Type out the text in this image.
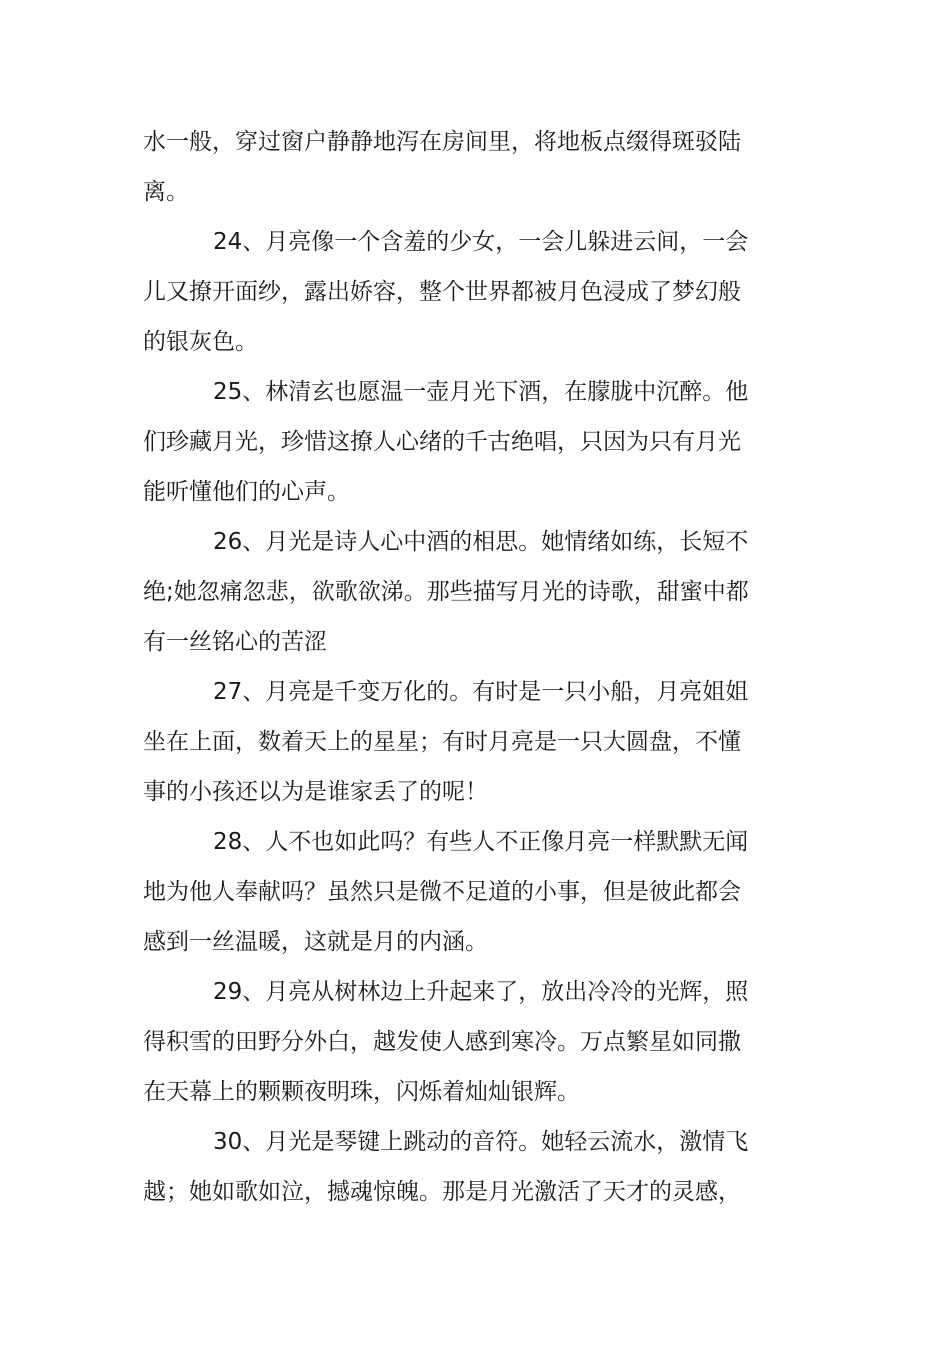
水一般，穿过窗户静静地泻在房间里，将地板点缀得斑驳陆
离。
24、月亮像一个含羞的少女，一会儿躲进云间，一会
儿又撩开面纱，露出娇容，整个世界都被月色浸成了梦幻般
的银灰色。
25、林清玄也愿温一壶月光下酒，在朦胧中沉醉。他
们珍藏月光，珍惜这撩人心绪的千古绝唱，只因为只有月光
能听懂他们的心声。
26、月光是诗人心中酒的相思。她情绪如练，长短不
绝;她忽痛忽悲，欲歌欲涕。那些描写月光的诗歌，甜蜜中都
有一丝铭心的苦涩
27、月亮是千变万化的。有时是一只小船，月亮姐姐
坐在上面，数着天上的星星；有时月亮是一只大圆盘，不懂
事的小孩还以为是谁家丢了的呢！
28、人不也如此吗？有些人不正像月亮一样默默无闻
地为他人奉献吗？虽然只是微不足道的小事，但是彼此都会
感到一丝温暖，这就是月的内涵。
29、月亮从树林边上升起来了，放出冷冷的光辉，照
得积雪的田野分外白，越发使人感到寒冷。万点繁星如同撒
在天幕上的颗颗夜明珠，闪烁着灿灿银辉。
30、月光是琴键上跳动的音符。她轻云流水，激情飞
越；她如歌如泣，撼魂惊魄。那是月光激活了天才的灵感，
